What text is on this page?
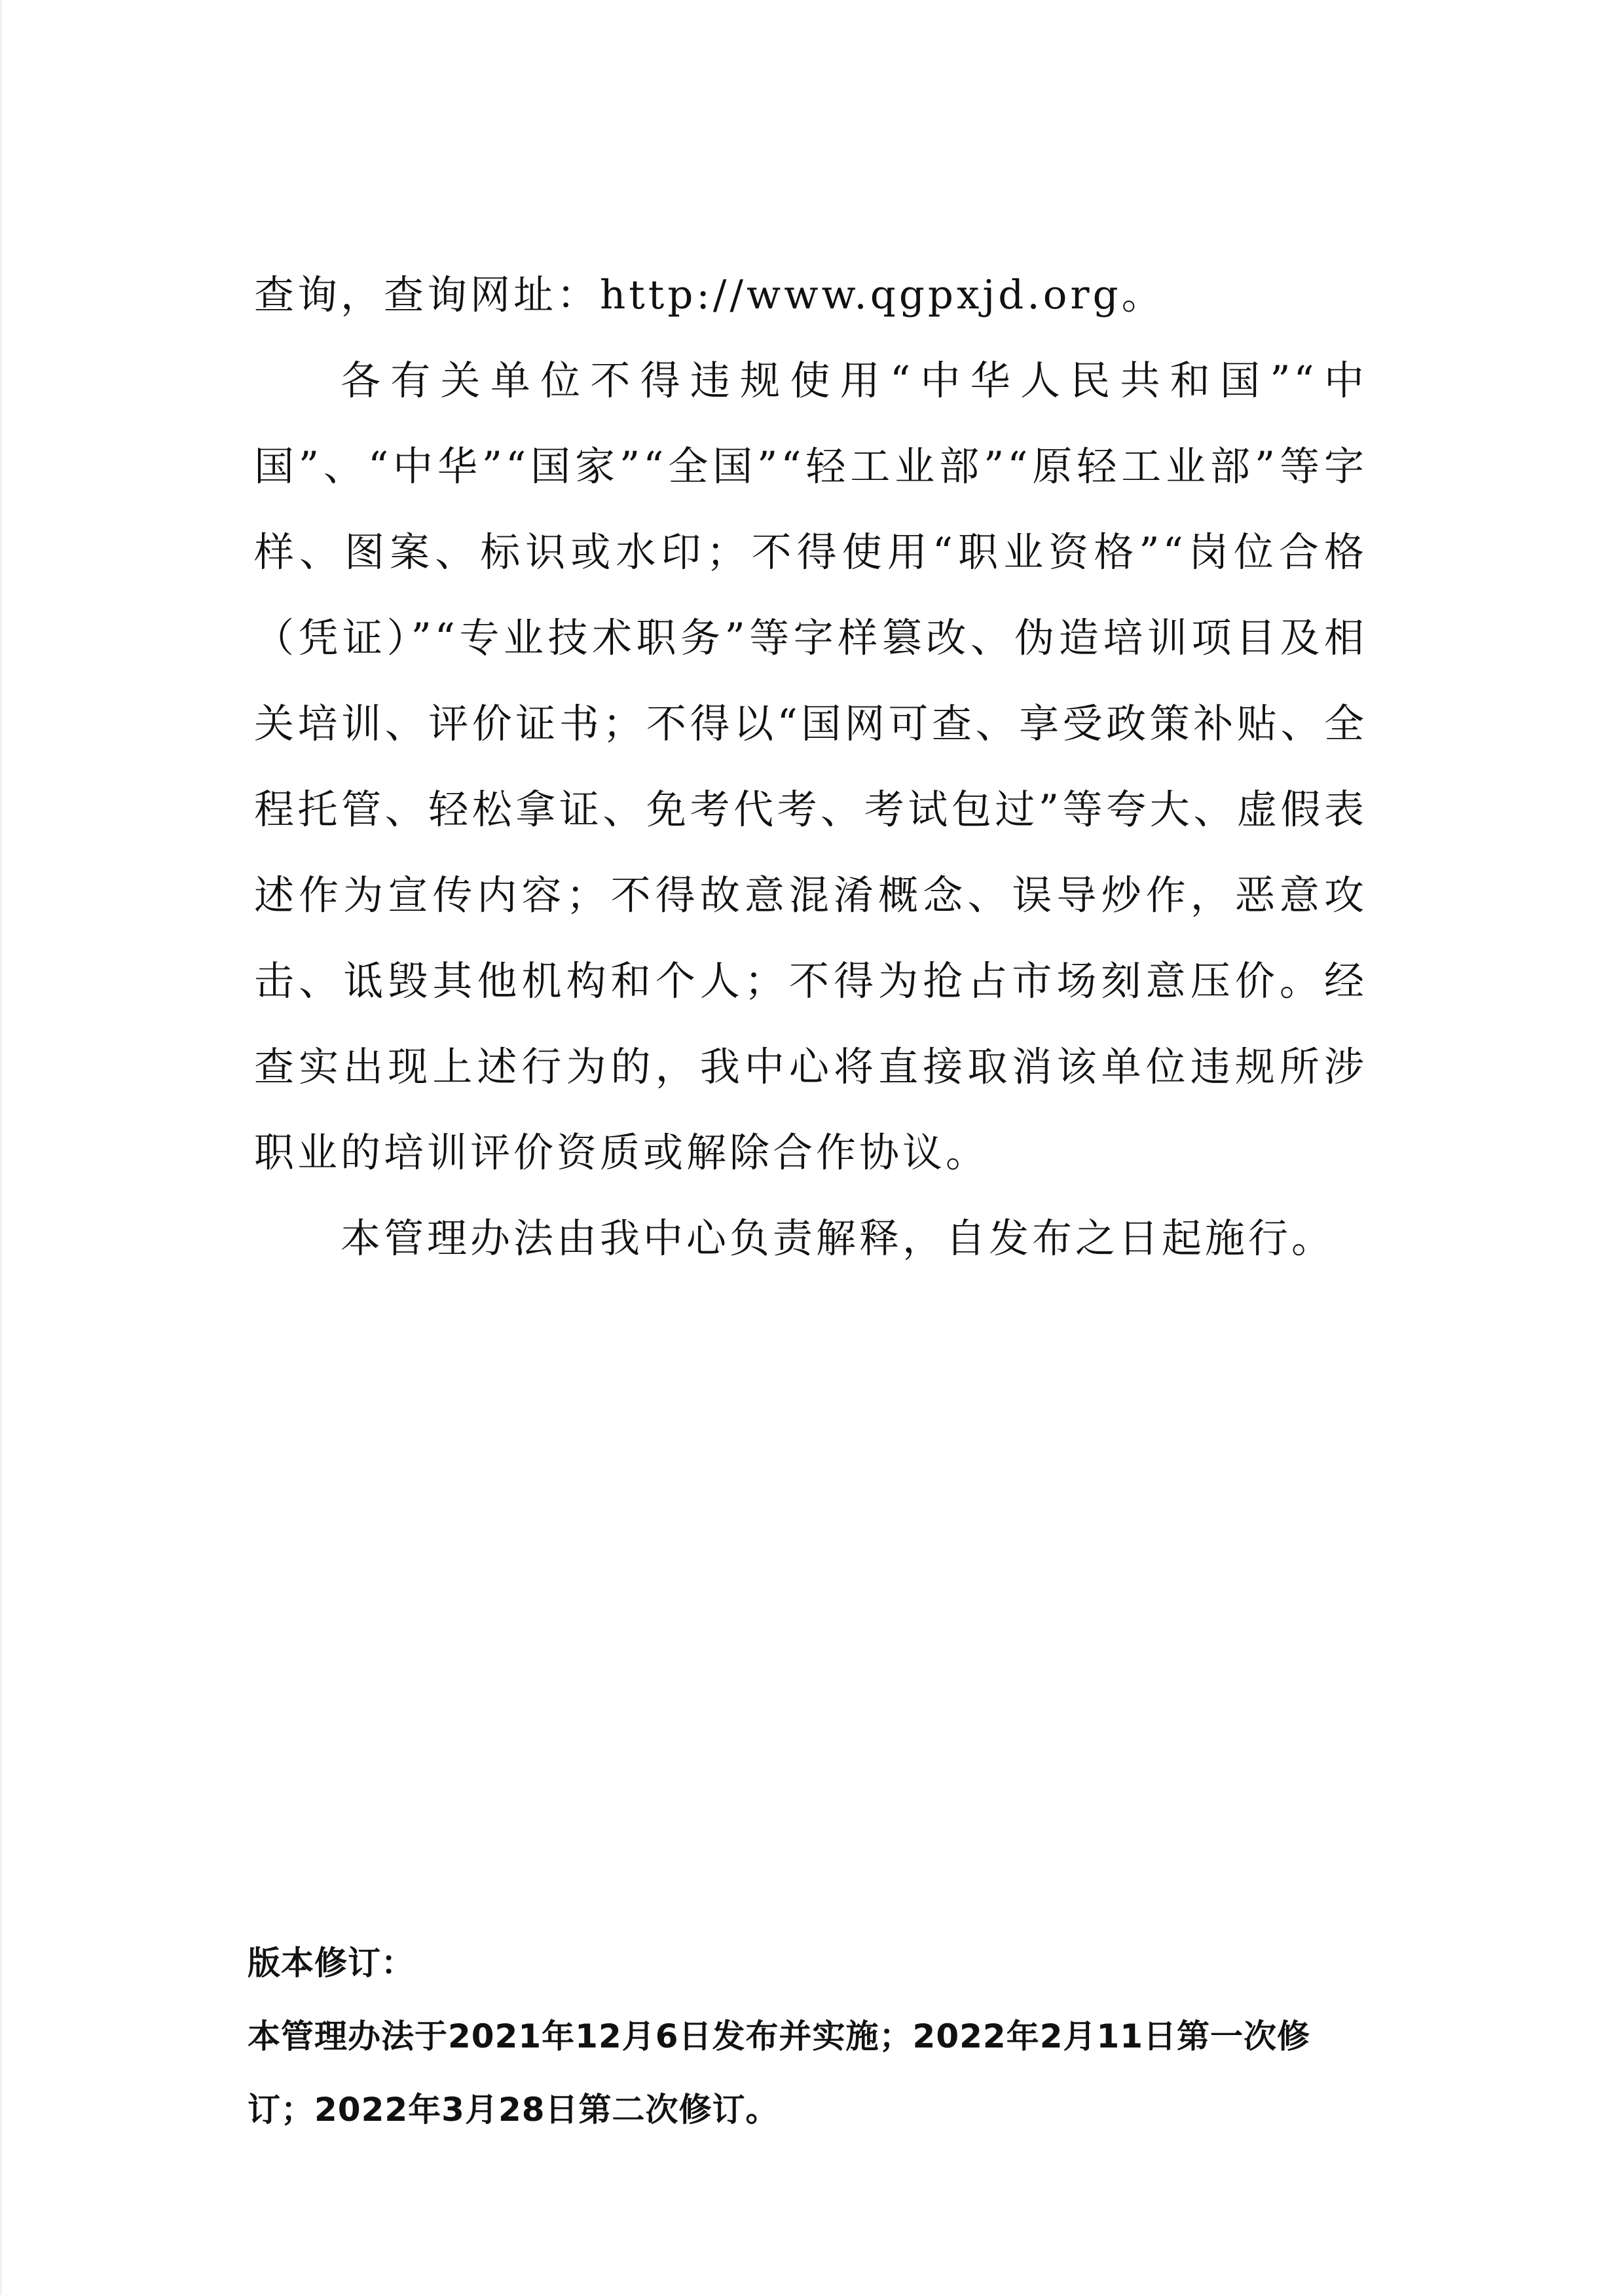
查询，查询网址：http://www.qgpxjd.org。

各有关单位不得违规使用“中华人民共和国”“中国”、“中华”“国家”“全国”“轻工业部”“原轻工业部”等字样、图案、标识或水印；不得使用“职业资格”“岗位合格（凭证）”“专业技术职务”等字样篡改、伪造培训项目及相关培训、评价证书；不得以“国网可查、享受政策补贴、全程托管、轻松拿证、免考代考、考试包过”等夸大、虚假表述作为宣传内容；不得故意混淆概念、误导炒作，恶意攻击、诋毁其他机构和个人；不得为抢占市场刻意压价。经查实出现上述行为的，我中心将直接取消该单位违规所涉职业的培训评价资质或解除合作协议。

本管理办法由我中心负责解释，自发布之日起施行。

版本修订：

本管理办法于2021年12月6日发布并实施；2022年2月11日第一次修订；2022年3月28日第二次修订。
